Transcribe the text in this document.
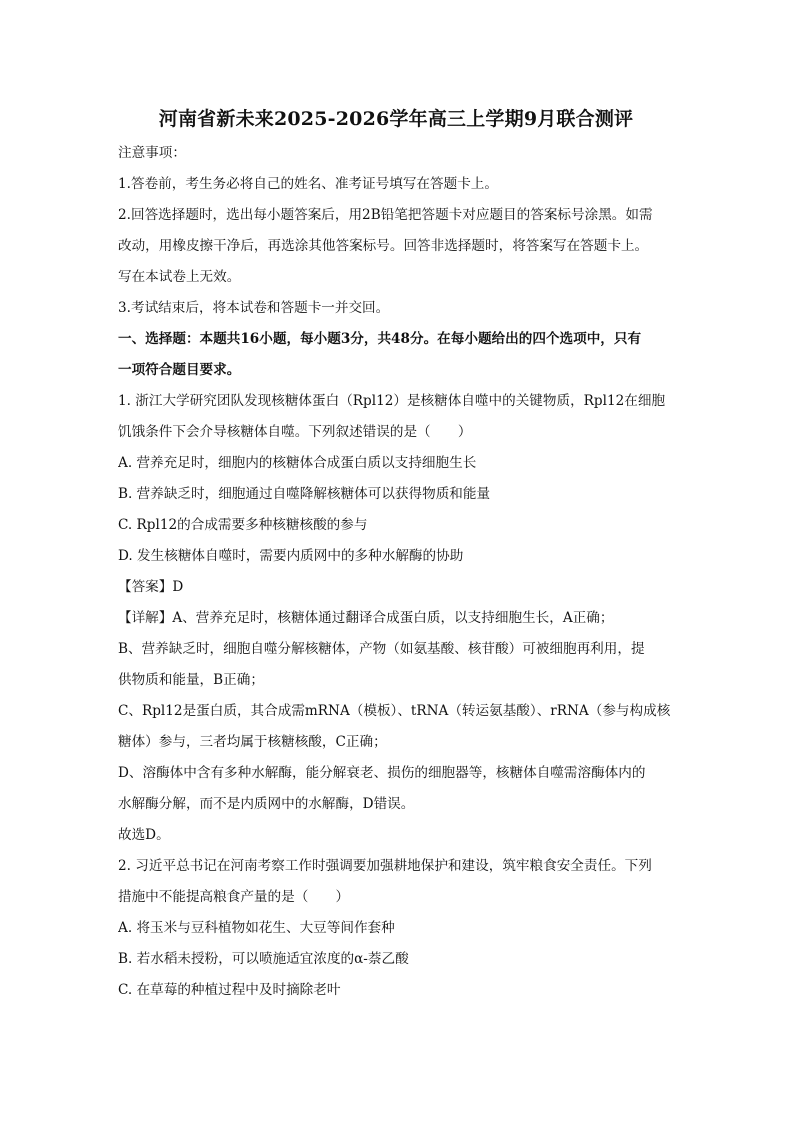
河南省新未来2025-2026学年高三上学期9月联合测评
注意事项：
1.答卷前，考生务必将自己的姓名、准考证号填写在答题卡上。
2.回答选择题时，选出每小题答案后，用2B铅笔把答题卡对应题目的答案标号涂黑。如需
改动，用橡皮擦干净后，再选涂其他答案标号。回答非选择题时，将答案写在答题卡上。
写在本试卷上无效。
3.考试结束后，将本试卷和答题卡一并交回。
一、选择题：本题共16小题，每小题3分，共48分。在每小题给出的四个选项中，只有
一项符合题目要求。
1. 浙江大学研究团队发现核糖体蛋白（Rpl12）是核糖体自噬中的关键物质，Rpl12在细胞
饥饿条件下会介导核糖体自噬。下列叙述错误的是（　　）
A. 营养充足时，细胞内的核糖体合成蛋白质以支持细胞生长
B. 营养缺乏时，细胞通过自噬降解核糖体可以获得物质和能量
C. Rpl12的合成需要多种核糖核酸的参与
D. 发生核糖体自噬时，需要内质网中的多种水解酶的协助
【答案】D
【详解】A、营养充足时，核糖体通过翻译合成蛋白质，以支持细胞生长，A正确；
B、营养缺乏时，细胞自噬分解核糖体，产物（如氨基酸、核苷酸）可被细胞再利用，提
供物质和能量，B正确；
C、Rpl12是蛋白质，其合成需mRNA（模板）、tRNA（转运氨基酸）、rRNA（参与构成核
糖体）参与，三者均属于核糖核酸，C正确；
D、溶酶体中含有多种水解酶，能分解衰老、损伤的细胞器等，核糖体自噬需溶酶体内的
水解酶分解，而不是内质网中的水解酶，D错误。
故选D。
2. 习近平总书记在河南考察工作时强调要加强耕地保护和建设，筑牢粮食安全责任。下列
措施中不能提高粮食产量的是（　　）
A. 将玉米与豆科植物如花生、大豆等间作套种
B. 若水稻未授粉，可以喷施适宜浓度的α-萘乙酸
C. 在草莓的种植过程中及时摘除老叶
